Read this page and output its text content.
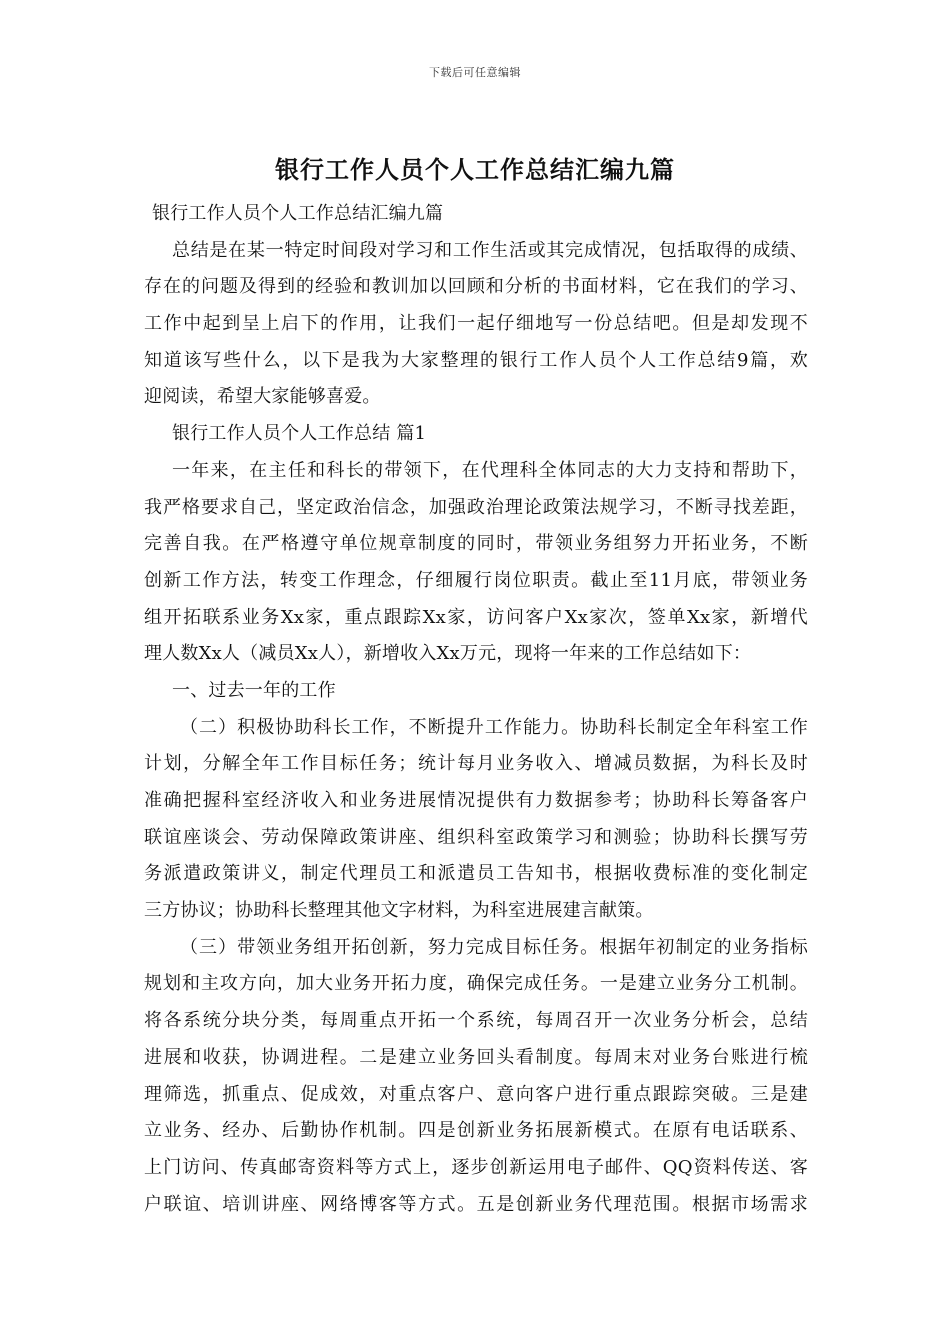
下载后可任意编辑
银行工作人员个人工作总结汇编九篇
银行工作人员个人工作总结汇编九篇
总结是在某一特定时间段对学习和工作生活或其完成情况，包括取得的成绩、
存在的问题及得到的经验和教训加以回顾和分析的书面材料，它在我们的学习、
工作中起到呈上启下的作用，让我们一起仔细地写一份总结吧。但是却发现不
知道该写些什么，以下是我为大家整理的银行工作人员个人工作总结9篇，欢
迎阅读，希望大家能够喜爱。
银行工作人员个人工作总结 篇1
一年来，在主任和科长的带领下，在代理科全体同志的大力支持和帮助下，
我严格要求自己，坚定政治信念，加强政治理论政策法规学习，不断寻找差距，
完善自我。在严格遵守单位规章制度的同时，带领业务组努力开拓业务，不断
创新工作方法，转变工作理念，仔细履行岗位职责。截止至11月底，带领业务
组开拓联系业务Xx家，重点跟踪Xx家，访问客户Xx家次，签单Xx家，新增代
理人数Xx人（减员Xx人），新增收入Xx万元，现将一年来的工作总结如下：
一、过去一年的工作
（二）积极协助科长工作，不断提升工作能力。协助科长制定全年科室工作
计划，分解全年工作目标任务；统计每月业务收入、增减员数据，为科长及时
准确把握科室经济收入和业务进展情况提供有力数据参考；协助科长筹备客户
联谊座谈会、劳动保障政策讲座、组织科室政策学习和测验；协助科长撰写劳
务派遣政策讲义，制定代理员工和派遣员工告知书，根据收费标准的变化制定
三方协议；协助科长整理其他文字材料，为科室进展建言献策。
（三）带领业务组开拓创新，努力完成目标任务。根据年初制定的业务指标
规划和主攻方向，加大业务开拓力度，确保完成任务。一是建立业务分工机制。
将各系统分块分类，每周重点开拓一个系统，每周召开一次业务分析会，总结
进展和收获，协调进程。二是建立业务回头看制度。每周末对业务台账进行梳
理筛选，抓重点、促成效，对重点客户、意向客户进行重点跟踪突破。三是建
立业务、经办、后勤协作机制。四是创新业务拓展新模式。在原有电话联系、
上门访问、传真邮寄资料等方式上，逐步创新运用电子邮件、QQ资料传送、客
户联谊、培训讲座、网络博客等方式。五是创新业务代理范围。根据市场需求
